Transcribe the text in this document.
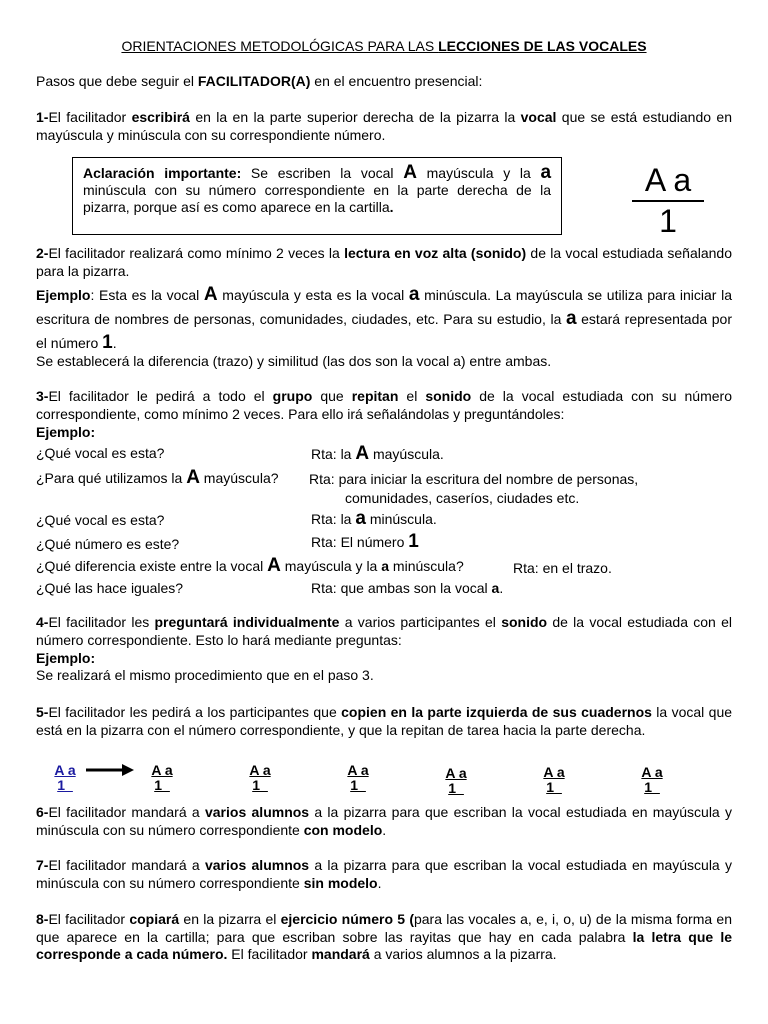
ORIENTACIONES METODOLÓGICAS PARA LAS LECCIONES DE LAS VOCALES

Pasos que debe seguir el FACILITADOR(A) en el encuentro presencial:

1-El facilitador escribirá en la en la parte superior derecha de la pizarra la vocal que se está estudiando en mayúscula y minúscula con su correspondiente número.

Aclaración importante: Se escriben la vocal A mayúscula y la a minúscula con su número correspondiente en la parte derecha de la pizarra, porque así es como aparece en la cartilla.
A a
1

2-El facilitador realizará como mínimo 2 veces la lectura en voz alta (sonido) de la vocal estudiada señalando para la pizarra.

Ejemplo: Esta es la vocal A mayúscula y esta es la vocal a minúscula. La mayúscula se utiliza para iniciar la escritura de nombres de personas, comunidades, ciudades, etc. Para su estudio, la a estará representada por el número 1.

Se establecerá la diferencia (trazo) y similitud (las dos son la vocal a) entre ambas.

3-El facilitador le pedirá a todo el grupo que repitan el sonido de la vocal estudiada con su número correspondiente, como mínimo 2 veces. Para ello irá señalándolas y preguntándoles:

Ejemplo:

¿Qué vocal es esta?	Rta: la A mayúscula.
¿Para qué utilizamos la A mayúscula? Rta: para iniciar la escritura del nombre de personas,
comunidades, caseríos, ciudades etc.
¿Qué vocal es esta?	Rta: la a minúscula.
¿Qué número es este?	Rta: El número 1
¿Qué diferencia existe entre la vocal A mayúscula y la a minúscula?	Rta: en el trazo.
¿Qué las hace iguales?	Rta: que ambas son la vocal a.

4-El facilitador les preguntará individualmente a varios participantes el sonido de la vocal estudiada con el número correspondiente. Esto lo hará mediante preguntas:

Ejemplo:

Se realizará el mismo procedimiento que en el paso 3.

5-El facilitador les pedirá a los participantes que copien en la parte izquierda de sus cuadernos la vocal que está en la pizarra con el número correspondiente, y que la repitan de tarea hacia la parte derecha.

A a
1_
A a
1_
A a
1_
A a
1_
A a
1_
A a
1_
A a
1_

6-El facilitador mandará a varios alumnos a la pizarra para que escriban la vocal estudiada en mayúscula y minúscula con su número correspondiente con modelo.

7-El facilitador mandará a varios alumnos a la pizarra para que escriban la vocal estudiada en mayúscula y minúscula con su número correspondiente sin modelo.

8-El facilitador copiará en la pizarra el ejercicio número 5 (para las vocales a, e, i, o, u) de la misma forma en que aparece en la cartilla; para que escriban sobre las rayitas que hay en cada palabra la letra que le corresponde a cada número. El facilitador mandará a varios alumnos a la pizarra.
